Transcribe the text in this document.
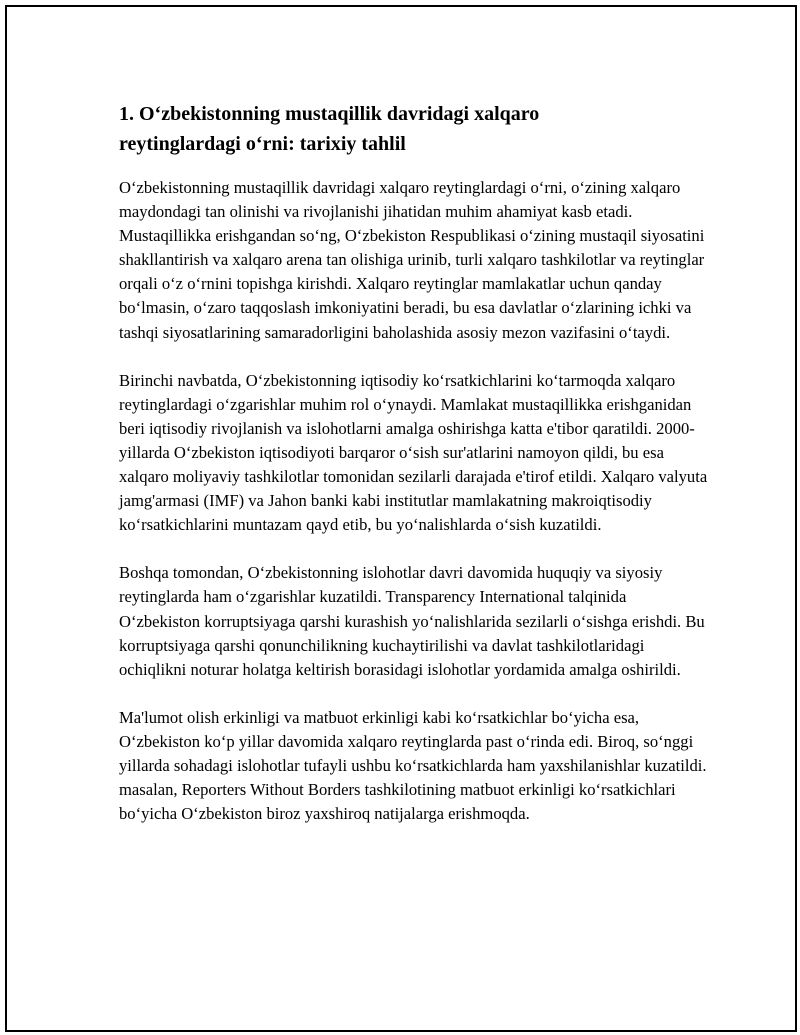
1. O‘zbekistonning mustaqillik davridagi xalqaro reytinglardagi o‘rni: tarixiy tahlil

O‘zbekistonning mustaqillik davridagi xalqaro reytinglardagi o‘rni, o‘zining xalqaro maydondagi tan olinishi va rivojlanishi jihatidan muhim ahamiyat kasb etadi. Mustaqillikka erishgandan so‘ng, O‘zbekiston Respublikasi o‘zining mustaqil siyosatini shakllantirish va xalqaro arena tan olishiga urinib, turli xalqaro tashkilotlar va reytinglar orqali o‘z o‘rnini topishga kirishdi. Xalqaro reytinglar mamlakatlar uchun qanday bo‘lmasin, o‘zaro taqqoslash imkoniyatini beradi, bu esa davlatlar o‘zlarining ichki va tashqi siyosatlarining samaradorligini baholashida asosiy mezon vazifasini o‘taydi.

Birinchi navbatda, O‘zbekistonning iqtisodiy ko‘rsatkichlarini ko‘tarmoqda xalqaro reytinglardagi o‘zgarishlar muhim rol o‘ynaydi. Mamlakat mustaqillikka erishganidan beri iqtisodiy rivojlanish va islohotlarni amalga oshirishga katta e'tibor qaratildi. 2000-yillarda O‘zbekiston iqtisodiyoti barqaror o‘sish sur'atlarini namoyon qildi, bu esa xalqaro moliyaviy tashkilotlar tomonidan sezilarli darajada e'tirof etildi. Xalqaro valyuta jamg'armasi (IMF) va Jahon banki kabi institutlar mamlakatning makroiqtisodiy ko‘rsatkichlarini muntazam qayd etib, bu yo‘nalishlarda o‘sish kuzatildi.

Boshqa tomondan, O‘zbekistonning islohotlar davri davomida huquqiy va siyosiy reytinglarda ham o‘zgarishlar kuzatildi. Transparency International talqinida O‘zbekiston korruptsiyaga qarshi kurashish yo‘nalishlarida sezilarli o‘sishga erishdi. Bu korruptsiyaga qarshi qonunchilikning kuchaytirilishi va davlat tashkilotlaridagi ochiqlikni noturar holatga keltirish borasidagi islohotlar yordamida amalga oshirildi.

Ma'lumot olish erkinligi va matbuot erkinligi kabi ko‘rsatkichlar bo‘yicha esa, O‘zbekiston ko‘p yillar davomida xalqaro reytinglarda past o‘rinda edi. Biroq, so‘nggi yillarda sohadagi islohotlar tufayli ushbu ko‘rsatkichlarda ham yaxshilanishlar kuzatildi. masalan, Reporters Without Borders tashkilotining matbuot erkinligi ko‘rsatkichlari bo‘yicha O‘zbekiston biroz yaxshiroq natijalarga erishmoqda.
